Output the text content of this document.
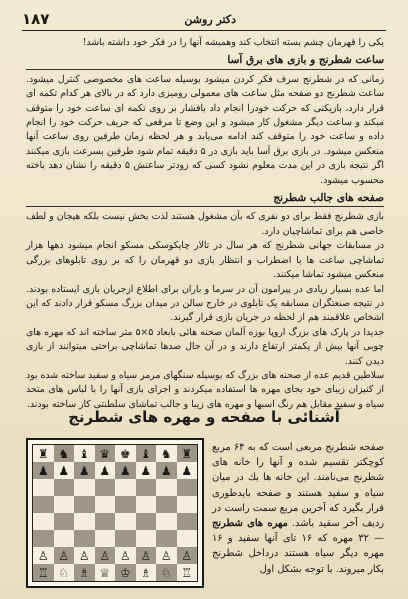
۱۸۷	دکتر روشن

یکی را قهرمان چشم بسته انتخاب کند وهمیشه آنها را در فکر خود داشته باشد!

ساعت شطرنج و بازی های برق آسا

زمانی که در شطرنج سرف فکر کردن میشود بوسیله ساعت های مخصوصی کنترل میشود. ساعت شطرنج دو صفحه مثل ساعت های معمولی رومیزی دارد که در بالای هر کدام تکمه ای قرار دارد، بازیکنی که حرکت خودرا انجام داد بافشار بر روی تکمه ای ساعت خود را متوقف میکند و ساعت دیگر مشغول کار میشود و این وضع تا مرقعی که حریف حرکت خود را انجام داده و ساعت خود را متوقف کند ادامه می‌یابد و هر لحظه زمان طرفین روی ساعت آنها منعکس میشود. در بازی برق آسا باید بازی در ۵ دقیقه تمام شود طرفین بسرعت بازی میکنند اگر نتیجه بازی در این مدت معلوم نشود کسی که زودتر ساعتش ۵ دقیقه را نشان دهد باخته محسوب میشود.

صفحه های جالب شطرنج

بازی شطرنج فقط برای دو نفری که بآن مشغول هستند لذت بخش نیست بلکه هیجان و لطف خاصی هم برای تماشاچیان دارد.

در مسابقات جهانی شطرنج که هر سال در تالار چایکوسکی مسکو انجام میشود دهها هزار تماشاچی ساعت ها با اضطراب و انتظار بازی دو قهرمان را که بر روی تابلوهای بزرگی منعکس میشود تماشا میکنند.

اما عده بسیار زیادی در پیرامون آن در سرما و باران برای اطلاع ازجریان بازی ایستاده بودند. در نتیجه صنعتگران مسابقه یک تابلوی در خارج سالن در میدان بزرگ مسکو قرار دادند که این اشخاص علاقمند هم از لحظه در جریان بازی قرار گیرند.

جدیدا در پارک های بزرگ اروپا بوزه آلمان صحنه هائی بابعاد ۵×۵ متر ساخته اند که مهره های چوبی آنها بیش از یکمتر ارتفاع دارند و در آن حال صدها تماشاچی براحتی میتوانند از بازی دیدن کنند.

سلاطین قدیم عده از صحنه های بزرگ که بوسیله سنگهای مرمر سیاه و سفید ساخته شده بود از کنیزان زیبای خود بجای مهره ها استفاده میکردند و اجرای بازی آنها را با لباس های متحد سیاه و سفید مقابل هم رنگ اسبها و مهره های زیبا و جالب تماشای سلطنتی کار ساخته بودند.

آشنائی با صفحه و مهره های شطرنج
♜ ♞ ♝ ♛ ♚ ♝ ♞ ♜
♟ ♟ ♟ ♟ ♟ ♟ ♟ ♟
♙ ♙ ♙ ♙ ♙ ♙ ♙ ♙
♖ ♘ ♗ ♕ ♔ ♗ ♘ ♖
صفحه شطرنج مربعی است که به ۶۴ مربع کوچکتر تقسیم شده و آنها را خانه های شطرنج می‌نامند. این خانه ها یك در میان سیاه و سفید هستند و صفحه بایدطوری قرار بگیرد که آخرین مربع سمت راست در ردیف آخر سفید باشد. مهره های شطرنج — ۳۲ مهره که ۱۶ تای آنها سفید و ۱۶ مهره دیگر سیاه هستند درداخل شطرنج بکار میروند. با توجه بشکل اول
